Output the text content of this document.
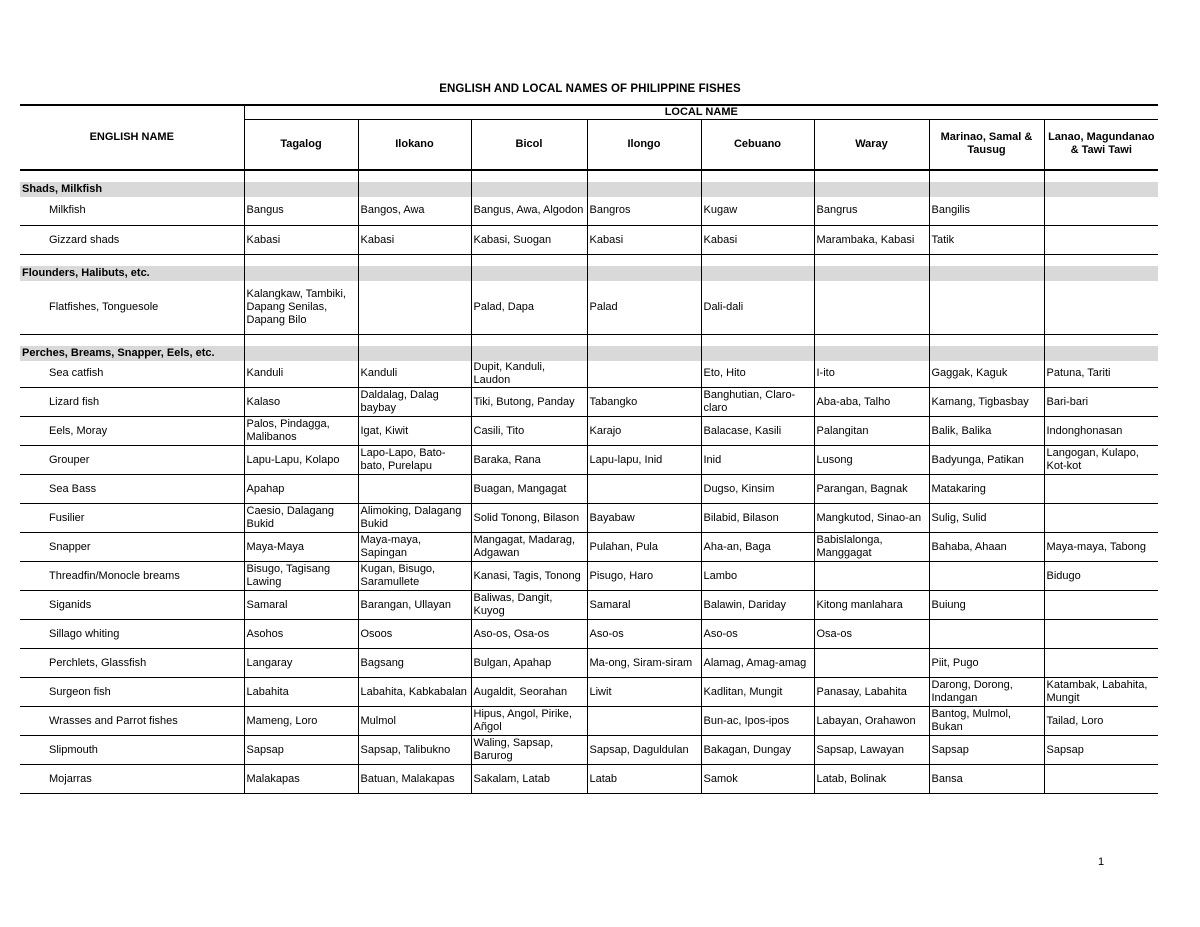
ENGLISH AND LOCAL NAMES OF PHILIPPINE FISHES
ENGLISH NAME	LOCAL NAME							
	Tagalog	Ilokano	Bicol	Ilongo	Cebuano	Waray	Marinao, Samal & Tausug	Lanao, Magundanao & Tawi Tawi

Shads, Milkfish								
Milkfish	Bangus	Bangos, Awa	Bangus, Awa, Algodon	Bangros	Kugaw	Bangrus	Bangilis	
Gizzard shads	Kabasi	Kabasi	Kabasi, Suogan	Kabasi	Kabasi	Marambaka, Kabasi	Tatik	

Flounders, Halibuts, etc.								
Flatfishes, Tonguesole	Kalangkaw, Tambiki, Dapang Senilas, Dapang Bilo		Palad, Dapa	Palad	Dali-dali			

Perches, Breams, Snapper, Eels, etc.								
Sea catfish	Kanduli	Kanduli	Dupit, Kanduli, Laudon		Eto, Hito	I-ito	Gaggak, Kaguk	Patuna, Tariti
Lizard fish	Kalaso	Daldalag, Dalag baybay	Tiki, Butong, Panday	Tabangko	Banghutian, Claro-claro	Aba-aba, Talho	Kamang, Tigbasbay	Bari-bari
Eels, Moray	Palos, Pindagga, Malibanos	Igat, Kiwit	Casili, Tito	Karajo	Balacase, Kasili	Palangitan	Balik, Balika	Indonghonasan
Grouper	Lapu-Lapu, Kolapo	Lapo-Lapo, Bato-bato, Purelapu	Baraka, Rana	Lapu-lapu, Inid	Inid	Lusong	Badyunga, Patikan	Langogan, Kulapo, Kot-kot
Sea Bass	Apahap		Buagan, Mangagat		Dugso, Kinsim	Parangan, Bagnak	Matakaring	
Fusilier	Caesio, Dalagang Bukid	Alimoking, Dalagang Bukid	Solid Tonong, Bilason	Bayabaw	Bilabid, Bilason	Mangkutod, Sinao-an	Sulig, Sulid	
Snapper	Maya-Maya	Maya-maya, Sapingan	Mangagat, Madarag, Adgawan	Pulahan, Pula	Aha-an, Baga	Babislalonga, Manggagat	Bahaba, Ahaan	Maya-maya, Tabong
Threadfin/Monocle breams	Bisugo, Tagisang Lawing	Kugan, Bisugo, Saramullete	Kanasi, Tagis, Tonong	Pisugo, Haro	Lambo			Bidugo
Siganids	Samaral	Barangan, Ullayan	Baliwas, Dangit, Kuyog	Samaral	Balawin, Dariday	Kitong manlahara	Buiung	
Sillago whiting	Asohos	Osoos	Aso-os, Osa-os	Aso-os	Aso-os	Osa-os		
Perchlets, Glassfish	Langaray	Bagsang	Bulgan, Apahap	Ma-ong, Siram-siram	Alamag, Amag-amag		Piit, Pugo	
Surgeon fish	Labahita	Labahita, Kabkabalan	Augaldit, Seorahan	Liwit	Kadlitan, Mungit	Panasay, Labahita	Darong, Dorong, Indangan	Katambak, Labahita, Mungit
Wrasses and Parrot fishes	Mameng, Loro	Mulmol	Hipus, Angol, Pirike, Añgol		Bun-ac, Ipos-ipos	Labayan, Orahawon	Bantog, Mulmol, Bukan	Tailad, Loro
Slipmouth	Sapsap	Sapsap, Talibukno	Waling, Sapsap, Barurog	Sapsap, Daguldulan	Bakagan, Dungay	Sapsap, Lawayan	Sapsap	Sapsap
Mojarras	Malakapas	Batuan, Malakapas	Sakalam, Latab	Latab	Samok	Latab, Bolinak	Bansa	
1
